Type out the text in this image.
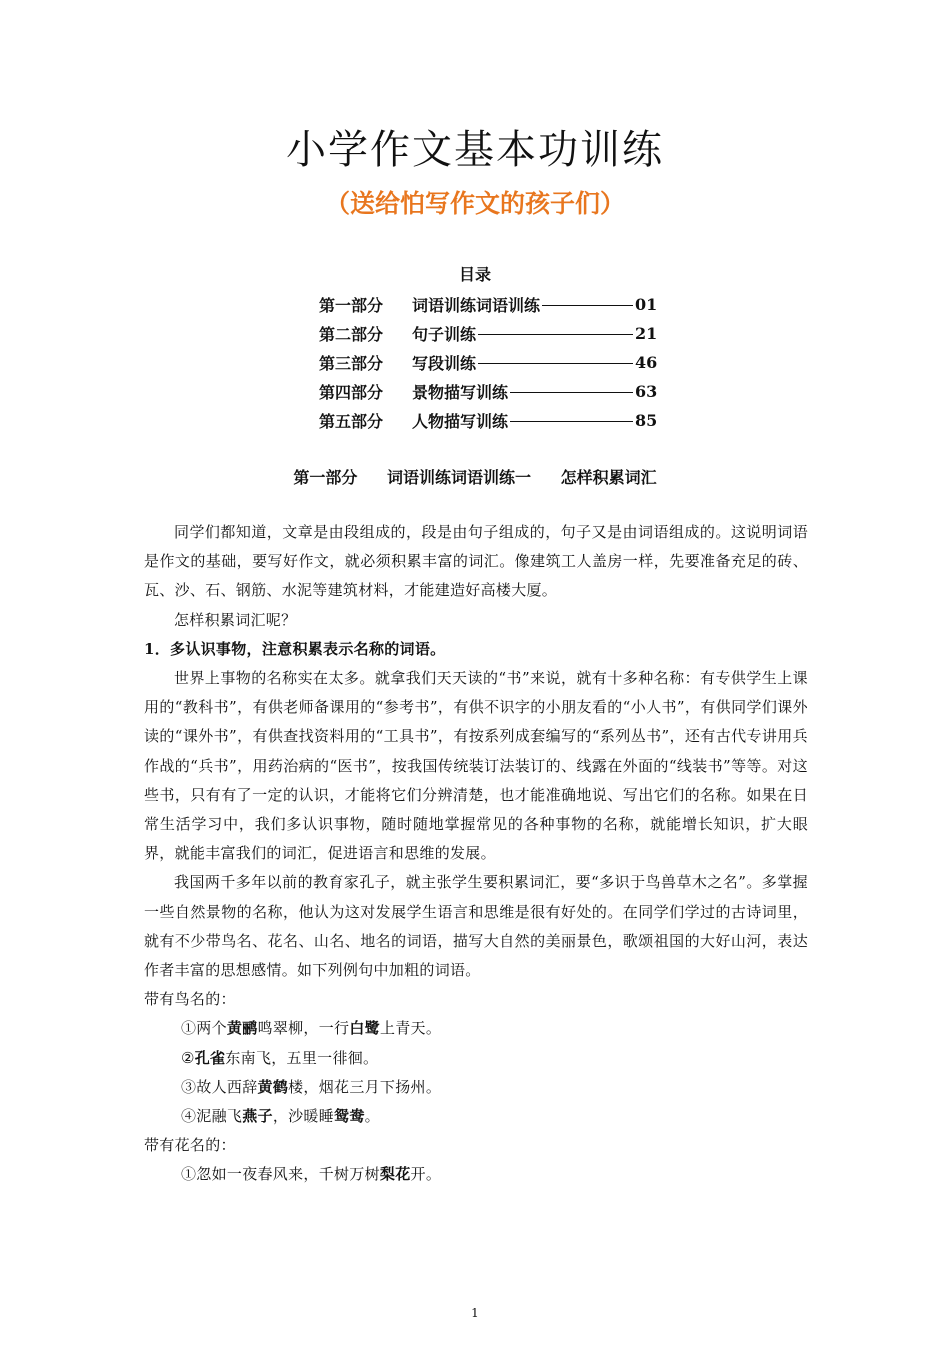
小学作文基本功训练
（送给怕写作文的孩子们）
目录
第一部分	词语训练词语训练	01
第二部分	句子训练	21
第三部分	写段训练	46
第四部分	景物描写训练	63
第五部分	人物描写训练	85
第一部分 词语训练词语训练一 怎样积累词汇

同学们都知道，文章是由段组成的，段是由句子组成的，句子又是由词语组成的。这说明词语是作文的基础，要写好作文，就必须积累丰富的词汇。像建筑工人盖房一样，先要准备充足的砖、瓦、沙、石、钢筋、水泥等建筑材料，才能建造好高楼大厦。

怎样积累词汇呢？

1．多认识事物，注意积累表示名称的词语。

世界上事物的名称实在太多。就拿我们天天读的“书”来说，就有十多种名称：有专供学生上课用的“教科书”，有供老师备课用的“参考书”，有供不识字的小朋友看的“小人书”，有供同学们课外读的“课外书”，有供查找资料用的“工具书”，有按系列成套编写的“系列丛书”，还有古代专讲用兵作战的“兵书”，用药治病的“医书”，按我国传统装订法装订的、线露在外面的“线装书”等等。对这些书，只有有了一定的认识，才能将它们分辨清楚，也才能准确地说、写出它们的名称。如果在日常生活学习中，我们多认识事物，随时随地掌握常见的各种事物的名称，就能增长知识，扩大眼界，就能丰富我们的词汇，促进语言和思维的发展。

我国两千多年以前的教育家孔子，就主张学生要积累词汇，要“多识于鸟兽草木之名”。多掌握一些自然景物的名称，他认为这对发展学生语言和思维是很有好处的。在同学们学过的古诗词里，就有不少带鸟名、花名、山名、地名的词语，描写大自然的美丽景色，歌颂祖国的大好山河，表达作者丰富的思想感情。如下列例句中加粗的词语。

带有鸟名的：

①两个黄鹂鸣翠柳，一行白鹭上青天。

②孔雀东南飞，五里一徘徊。

③故人西辞黄鹤楼，烟花三月下扬州。

④泥融飞燕子，沙暖睡鸳鸯。

带有花名的：

①忽如一夜春风来，千树万树梨花开。

1
